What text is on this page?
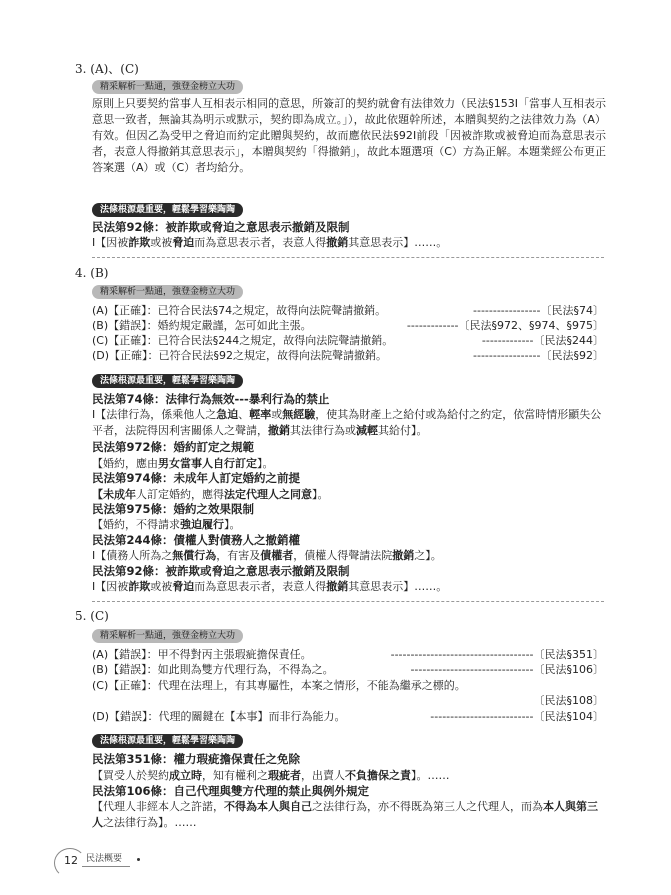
3. (A)、(C)
精采解析一點通，強登金榜立大功
原則上只要契約當事人互相表示相同的意思，所簽訂的契約就會有法律效力（民法§153Ⅰ「當事人互相表示意思一致者，無論其為明示或默示，契約即為成立。」），故此依題幹所述，本贈與契約之法律效力為（A）有效。但因乙為受甲之脅迫而約定此贈與契約，故而應依民法§92Ⅰ前段「因被詐欺或被脅迫而為意思表示者，表意人得撤銷其意思表示」，本贈與契約「得撤銷」，故此本題選項（C）方為正解。本題業經公布更正答案選（A）或（C）者均給分。
法條根源最重要，輕鬆學習樂陶陶
民法第92條：被詐欺或脅迫之意思表示撤銷及限制
Ⅰ【因被詐欺或被脅迫而為意思表示者，表意人得撤銷其意思表示】……。
4. (B)
精采解析一點通，強登金榜立大功
(A)【正確】：已符合民法§74之規定，故得向法院聲請撤銷。	-----------------〔民法§74〕
(B)【錯誤】：婚約規定嚴謹，怎可如此主張。	-------------〔民法§972、§974、§975〕
(C)【正確】：已符合民法§244之規定，故得向法院聲請撤銷。	-------------〔民法§244〕
(D)【正確】：已符合民法§92之規定，故得向法院聲請撤銷。	-----------------〔民法§92〕
法條根源最重要，輕鬆學習樂陶陶
民法第74條：法律行為無效---暴利行為的禁止
Ⅰ【法律行為，係乘他人之急迫、輕率或無經驗，使其為財產上之給付或為給付之約定，依當時情形顯失公平者，法院得因利害關係人之聲請，撤銷其法律行為或減輕其給付】。
民法第972條：婚約訂定之規範
【婚約，應由男女當事人自行訂定】。
民法第974條：未成年人訂定婚約之前提
【未成年人訂定婚約，應得法定代理人之同意】。
民法第975條：婚約之效果限制
【婚約，不得請求強迫履行】。
民法第244條：債權人對債務人之撤銷權
Ⅰ【債務人所為之無償行為，有害及債權者，債權人得聲請法院撤銷之】。
民法第92條：被詐欺或脅迫之意思表示撤銷及限制
Ⅰ【因被詐欺或被脅迫而為意思表示者，表意人得撤銷其意思表示】……。
5. (C)
精采解析一點通，強登金榜立大功
(A)【錯誤】：甲不得對丙主張瑕疵擔保責任。	------------------------------------〔民法§351〕
(B)【錯誤】：如此則為雙方代理行為，不得為之。	-------------------------------〔民法§106〕
(C)【正確】：代理在法理上，有其專屬性，本案之情形，不能為繼承之標的。
〔民法§108〕
(D)【錯誤】：代理的關鍵在【本事】而非行為能力。	--------------------------〔民法§104〕
法條根源最重要，輕鬆學習樂陶陶
民法第351條：權力瑕疵擔保責任之免除
【買受人於契約成立時，知有權利之瑕疵者，出賣人不負擔保之責】。……
民法第106條：自己代理與雙方代理的禁止與例外規定
【代理人非經本人之許諾，不得為本人與自己之法律行為，亦不得既為第三人之代理人，而為本人與第三人之法律行為】。……
12 民法概要
